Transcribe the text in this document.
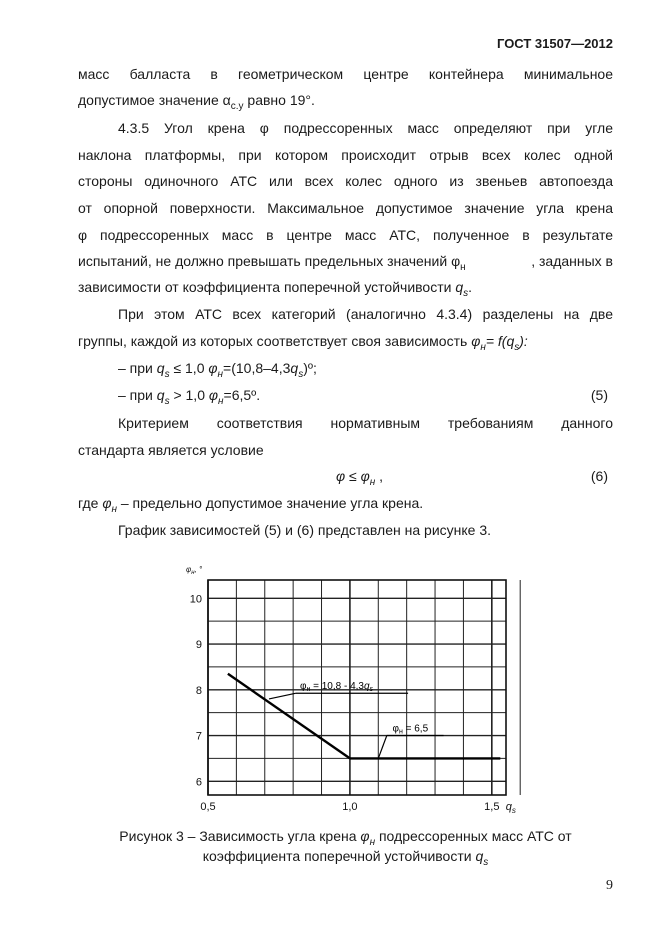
ГОСТ 31507—2012
масс балласта в геометрическом центре контейнера минимальное
допустимое значение $\alpha_{с.у}$ равно 19°.
4.3.5 Угол крена φ подрессоренных масс определяют при угле
наклона платформы, при котором происходит отрыв всех колес одной
стороны одиночного АТС или всех колес одного из звеньев автопоезда
от опорной поверхности. Максимальное допустимое значение угла крена
φ подрессоренных масс в центре масс АТС, полученное в результате
испытаний, не должно превышать предельных значений $\varphi_н$	, заданных в
зависимости от коэффициента поперечной устойчивости $q_s$.
При этом АТС всех категорий (аналогично 4.3.4) разделены на две
группы, каждой из которых соответствует своя зависимость $\varphi_н= f(q_s)$:
– при $q_s \le 1,0$ $\varphi_н=(10,8-4,3q_s)º$;
– при $q_s > 1,0$ $\varphi_н=6,5º$.	(5)
Критерием соответствия нормативным требованиям данного
стандарта является условие
$\varphi \le \varphi_н$ ,	(6)
где $\varphi_н$ – предельно допустимое значение угла крена.
График зависимостей (5) и (6) представлен на рисунке 3.
10
9
8
7
6
0,5	1,0	1,5
$\varphi_н$, °
$q_s$
$\varphi_н = 10,8 - 4,3q_s$
$\varphi_н = 6,5$
Рисунок 3 – Зависимость угла крена $\varphi_н$ подрессоренных масс АТС от
коэффициента поперечной устойчивости $q_s$
9
